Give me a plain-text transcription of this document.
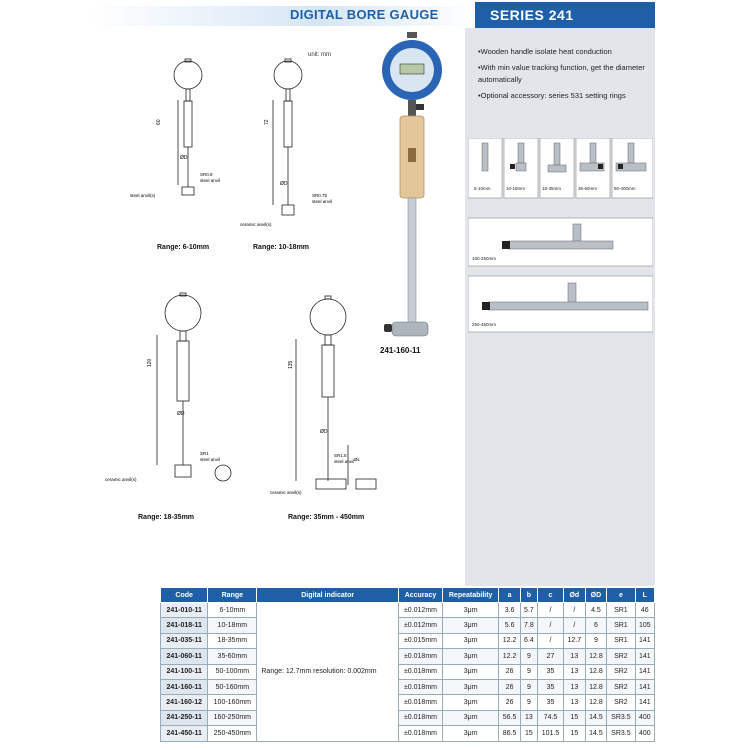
DIGITAL BORE GAUGE	SERIES 241
unit: mm
60
ØD
SR0.8
steel anvil
steel anvil(s)
Range: 6-10mm
72
ØD
SR0.75
steel anvil
ceramic anvil(s)
Range: 10-18mm
120
ØD
SR1
steel anvil
ceramic anvil(s)
Range: 18-35mm
135
ØD
ØL
SR1.5
steel anvil
ceramic anvil(s)
Range: 35mm - 450mm
241-160-11
• Wooden handle isolate heat conduction
• With min value tracking function, get the diameter automatically
• Optional accessory: series 531 setting rings
6-10mm	10-18mm	18-35mm	35-60mm	50-400mm
160-250mm
250-450mm
Code	Range	Digital indicator	Accuracy	Repeatability	a	b	c	Ød	ØD	e	L
241-010-11	6-10mm	Range: 12.7mm resolution: 0.002mm	±0.012mm	3μm	3.6	5.7	/	/	4.5	SR1	46
241-018-11	10-18mm		±0.012mm	3μm	5.6	7.8	/	/	6	SR1	105
241-035-11	18-35mm		±0.015mm	3μm	12.2	6.4	/	12.7	9	SR1	141
241-060-11	35-60mm		±0.018mm	3μm	12.2	9	27	13	12.8	SR2	141
241-100-11	50-100mm		±0.018mm	3μm	26	9	35	13	12.8	SR2	141
241-160-11	50-160mm		±0.018mm	3μm	26	9	35	13	12.8	SR2	141
241-160-12	100-160mm		±0.018mm	3μm	26	9	35	13	12.8	SR2	141
241-250-11	160-250mm		±0.018mm	3μm	56.5	13	74.5	15	14.5	SR3.5	400
241-450-11	250-450mm		±0.018mm	3μm	86.5	15	101.5	15	14.5	SR3.5	400
